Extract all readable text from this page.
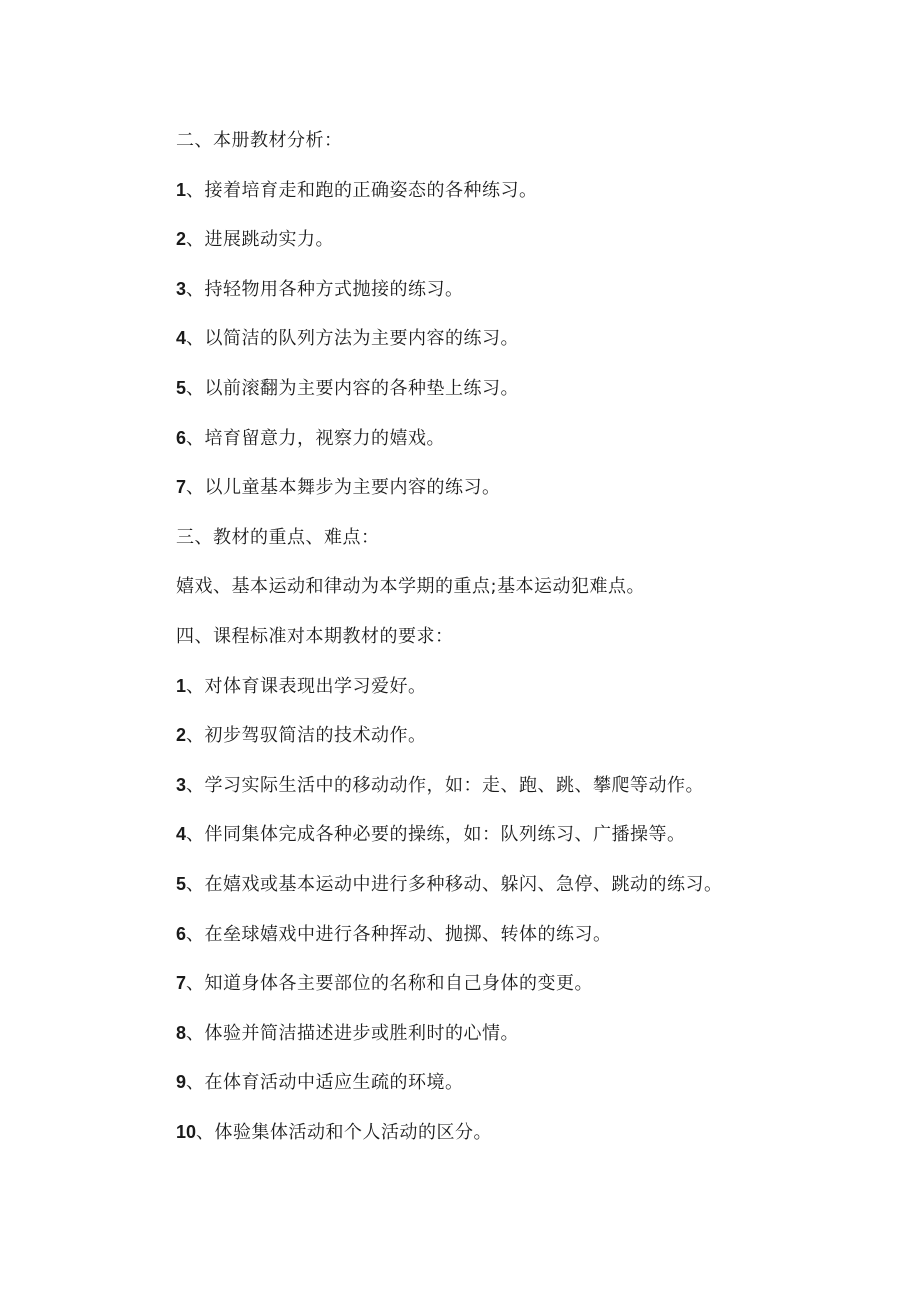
二、本册教材分析：
1、接着培育走和跑的正确姿态的各种练习。
2、进展跳动实力。
3、持轻物用各种方式抛接的练习。
4、以简洁的队列方法为主要内容的练习。
5、以前滚翻为主要内容的各种垫上练习。
6、培育留意力，视察力的嬉戏。
7、以儿童基本舞步为主要内容的练习。
三、教材的重点、难点：
嬉戏、基本运动和律动为本学期的重点;基本运动犯难点。
四、课程标准对本期教材的要求：
1、对体育课表现出学习爱好。
2、初步驾驭简洁的技术动作。
3、学习实际生活中的移动动作，如：走、跑、跳、攀爬等动作。
4、伴同集体完成各种必要的操练，如：队列练习、广播操等。
5、在嬉戏或基本运动中进行多种移动、躲闪、急停、跳动的练习。
6、在垒球嬉戏中进行各种挥动、抛掷、转体的练习。
7、知道身体各主要部位的名称和自己身体的变更。
8、体验并简洁描述进步或胜利时的心情。
9、在体育活动中适应生疏的环境。
10、体验集体活动和个人活动的区分。
